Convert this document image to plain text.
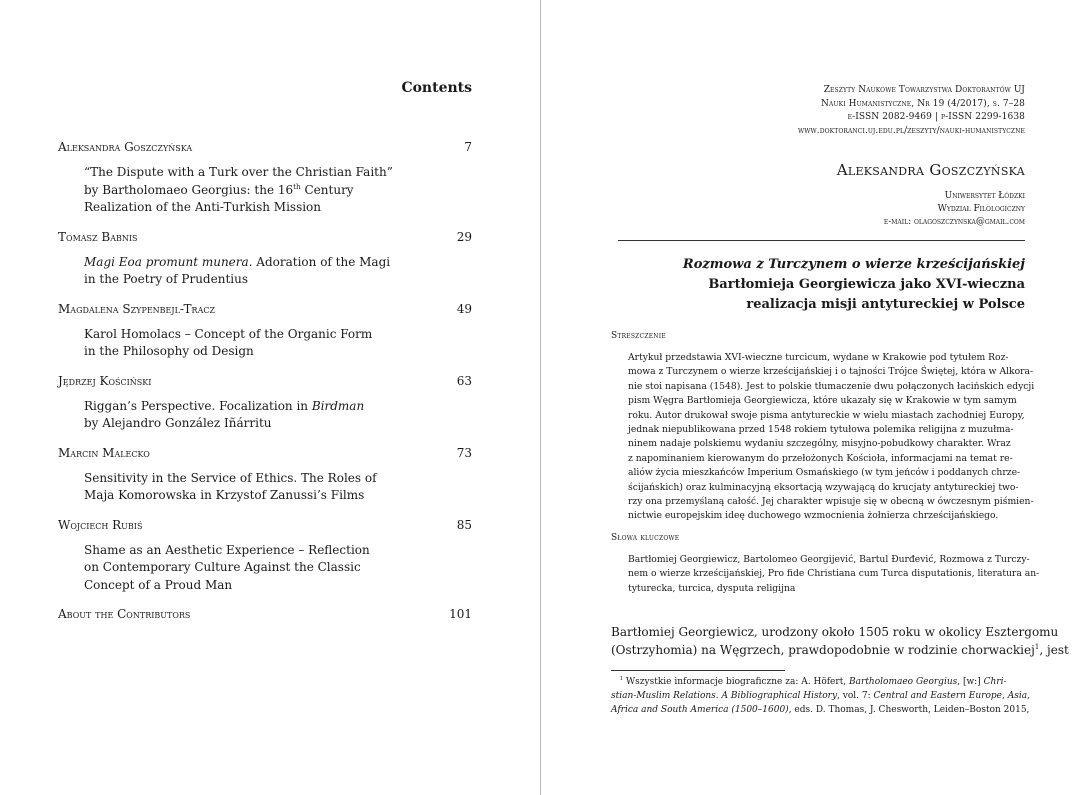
Contents
Aleksandra Goszczyńska	7
“The Dispute with a Turk over the Christian Faith”
by Bartholomaeo Georgius: the 16th Century
Realization of the Anti-Turkish Mission
Tomasz Babnis	29
Magi Eoa promunt munera. Adoration of the Magi
in the Poetry of Prudentius
Magdalena Szypenbejl-Tracz	49
Karol Homolacs – Concept of the Organic Form
in the Philosophy od Design
Jędrzej Kościński	63
Riggan’s Perspective. Focalization in Birdman
by Alejandro González Iñárritu
Marcin Malecko	73
Sensitivity in the Service of Ethics. The Roles of
Maja Komorowska in Krzystof Zanussi’s Films
Wojciech Rubiś	85
Shame as an Aesthetic Experience – Reflection
on Contemporary Culture Against the Classic
Concept of a Proud Man
About the Contributors	101
Zeszyty Naukowe Towarzystwa Doktorantów UJ
Nauki Humanistyczne, Nr 19 (4/2017), s. 7–28
e-ISSN 2082-9469 | p-ISSN 2299-1638
www.doktoranci.uj.edu.pl/zeszyty/nauki-humanistyczne
Aleksandra Goszczyńska
Uniwersytet Łódzki
Wydział Filologiczny
e-mail: olagoszczynska@gmail.com
Rozmowa z Turczynem o wierze krześcijańskiej
Bartłomieja Georgiewicza jako XVI-wieczna
realizacja misji antytureckiej w Polsce
Streszczenie
Artykuł przedstawia XVI-wieczne turcicum, wydane w Krakowie pod tytułem Roz-
mowa z Turczynem o wierze krześcijańskiej i o tajności Trójce Świętej, która w Alkora-
nie stoi napisana (1548). Jest to polskie tłumaczenie dwu połączonych łacińskich edycji
pism Węgra Bartłomieja Georgiewicza, które ukazały się w Krakowie w tym samym
roku. Autor drukował swoje pisma antytureckie w wielu miastach zachodniej Europy,
jednak niepublikowana przed 1548 rokiem tytułowa polemika religijna z muzułma-
ninem nadaje polskiemu wydaniu szczególny, misyjno-pobudkowy charakter. Wraz
z napominaniem kierowanym do przełożonych Kościoła, informacjami na temat re-
aliów życia mieszkańców Imperium Osmańskiego (w tym jeńców i poddanych chrze-
ścijańskich) oraz kulminacyjną eksortacją wzywającą do krucjaty antytureckiej two-
rzy ona przemyślaną całość. Jej charakter wpisuje się w obecną w ówczesnym piśmien-
nictwie europejskim ideę duchowego wzmocnienia żołnierza chrześcijańskiego.
Słowa kluczowe
Bartłomiej Georgiewicz, Bartolomeo Georgijević, Bartul Đurđević, Rozmowa z Turczy-
nem o wierze krześcijańskiej, Pro fide Christiana cum Turca disputationis, literatura an-
tyturecka, turcica, dysputa religijna
Bartłomiej Georgiewicz, urodzony około 1505 roku w okolicy Esztergomu
(Ostrzyhomia) na Węgrzech, prawdopodobnie w rodzinie chorwackiej$^1$, jest
$^1$ Wszystkie informacje biograficzne za: A. Höfert, Bartholomaeo Georgius, [w:] Chri-
stian-Muslim Relations. A Bibliographical History, vol. 7: Central and Eastern Europe, Asia,
Africa and South America (1500–1600), eds. D. Thomas, J. Chesworth, Leiden–Boston 2015,
